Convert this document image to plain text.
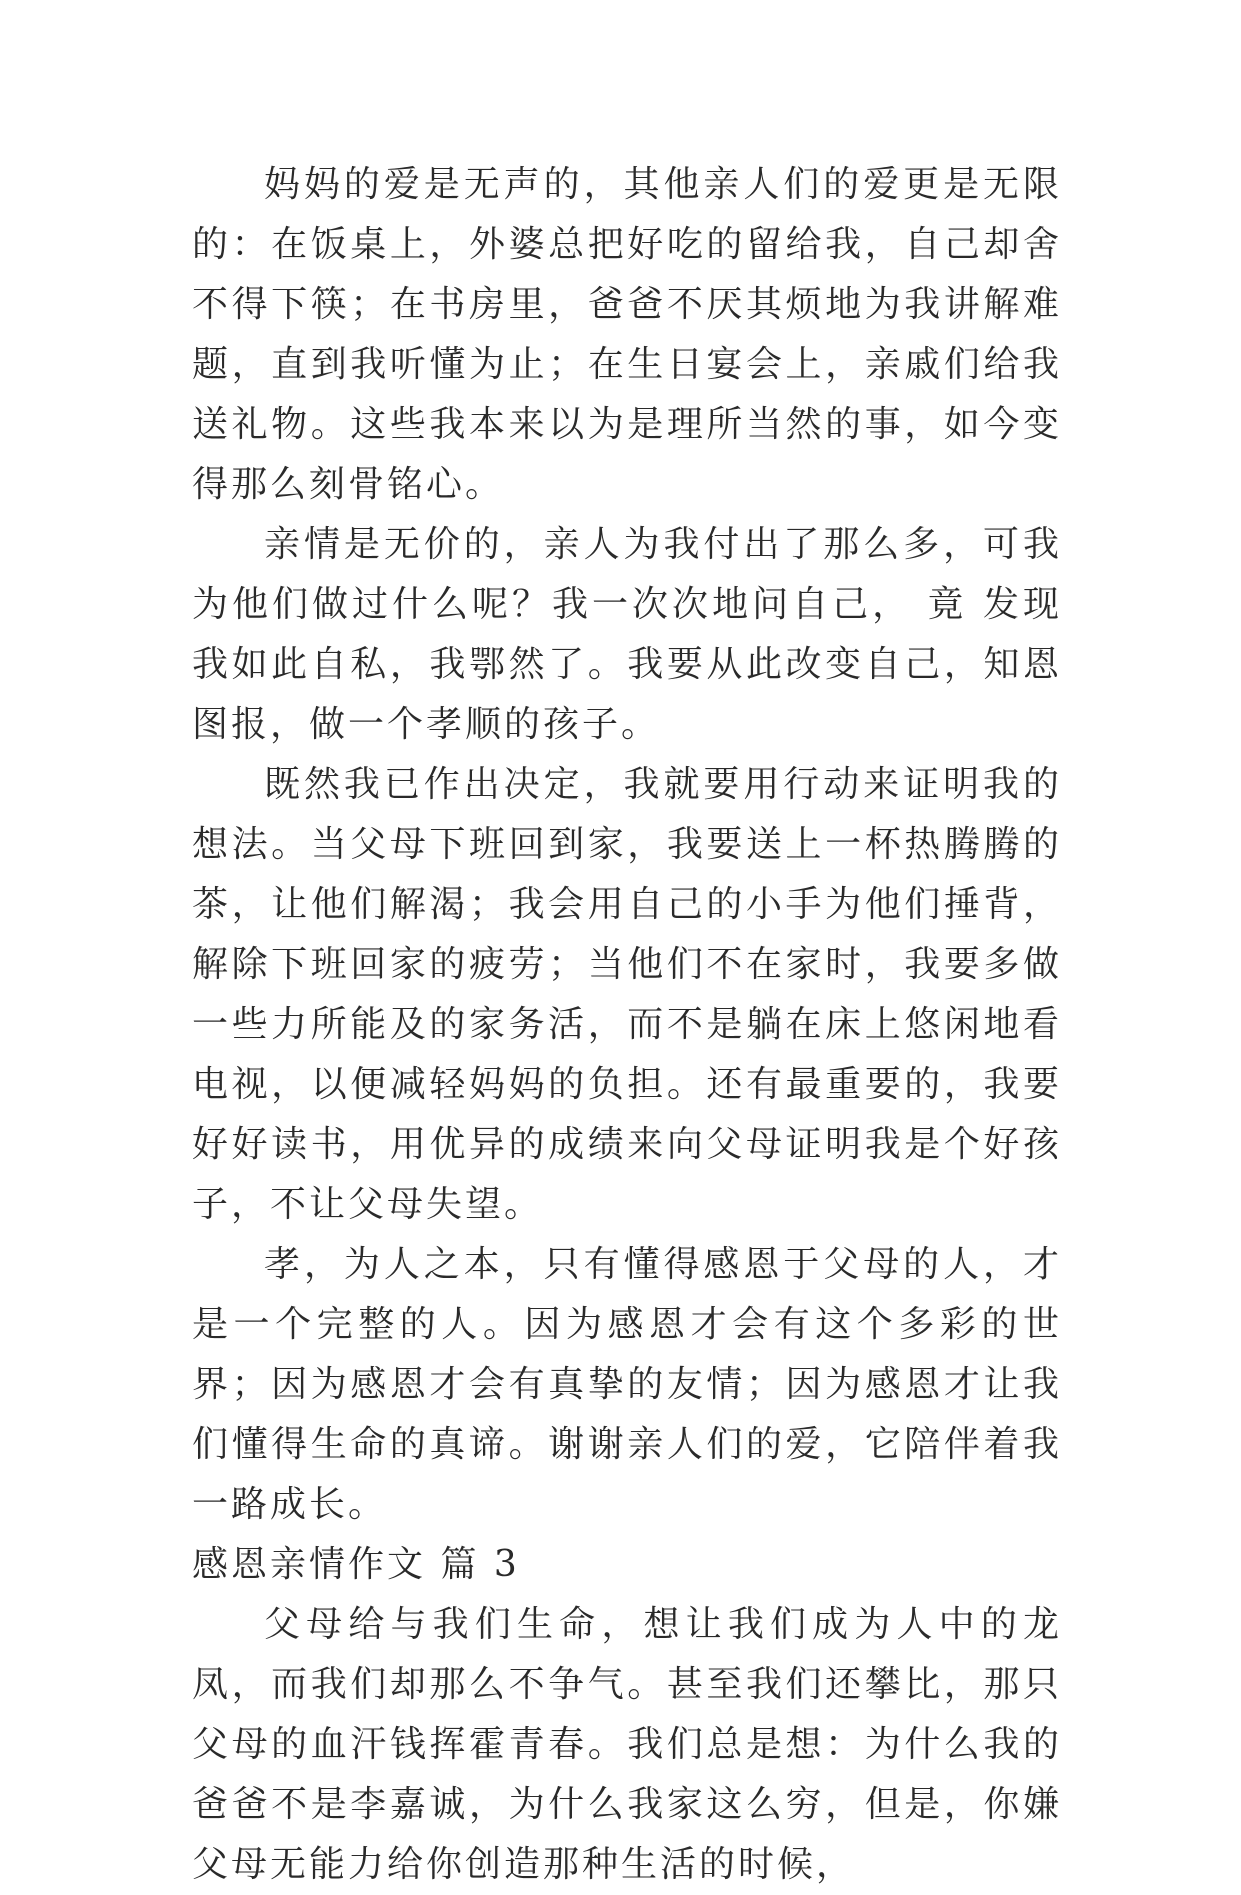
妈妈的爱是无声的，其他亲人们的爱更是无限的：在饭桌上，外婆总把好吃的留给我，自己却舍不得下筷；在书房里，爸爸不厌其烦地为我讲解难题，直到我听懂为止；在生日宴会上，亲戚们给我送礼物。这些我本来以为是理所当然的事，如今变得那么刻骨铭心。

亲情是无价的，亲人为我付出了那么多，可我为他们做过什么呢？我一次次地问自己， 竟 发现我如此自私，我鄂然了。我要从此改变自己，知恩图报，做一个孝顺的孩子。

既然我已作出决定，我就要用行动来证明我的想法。当父母下班回到家，我要送上一杯热腾腾的茶，让他们解渴；我会用自己的小手为他们捶背，解除下班回家的疲劳；当他们不在家时，我要多做一些力所能及的家务活，而不是躺在床上悠闲地看电视，以便减轻妈妈的负担。还有最重要的，我要好好读书，用优异的成绩来向父母证明我是个好孩子，不让父母失望。

孝，为人之本，只有懂得感恩于父母的人，才是一个完整的人。因为感恩才会有这个多彩的世界；因为感恩才会有真挚的友情；因为感恩才让我们懂得生命的真谛。谢谢亲人们的爱，它陪伴着我一路成长。

感恩亲情作文 篇 3

父母给与我们生命，想让我们成为人中的龙凤，而我们却那么不争气。甚至我们还攀比，那只父母的血汗钱挥霍青春。我们总是想：为什么我的爸爸不是李嘉诚，为什么我家这么穷，但是，你嫌父母无能力给你创造那种生活的时候，
